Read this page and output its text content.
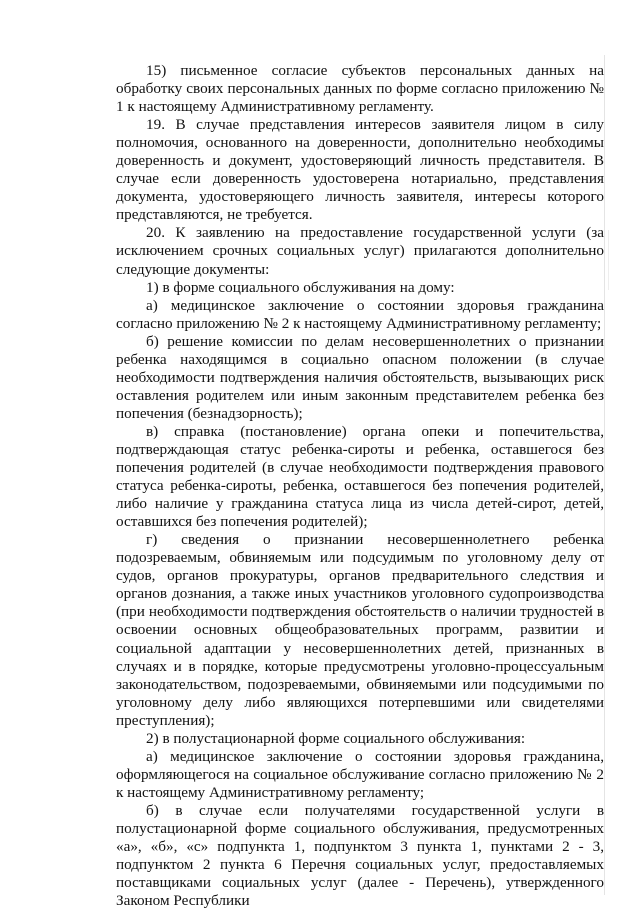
15) письменное согласие субъектов персональных данных на обработку своих персональных данных по форме согласно приложению № 1 к настоящему Административному регламенту.

19. В случае представления интересов заявителя лицом в силу полномочия, основанного на доверенности, дополнительно необходимы доверенность и документ, удостоверяющий личность представителя. В случае если доверенность удостоверена нотариально, представления документа, удостоверяющего личность заявителя, интересы которого представляются, не требуется.

20. К заявлению на предоставление государственной услуги (за исключением срочных социальных услуг) прилагаются дополнительно следующие документы:

1) в форме социального обслуживания на дому:

а) медицинское заключение о состоянии здоровья гражданина согласно приложению № 2 к настоящему Административному регламенту;

б) решение комиссии по делам несовершеннолетних о признании ребенка находящимся в социально опасном положении (в случае необходимости подтверждения наличия обстоятельств, вызывающих риск оставления родителем или иным законным представителем ребенка без попечения (безнадзорность);

в) справка (постановление) органа опеки и попечительства, подтверждающая статус ребенка-сироты и ребенка, оставшегося без попечения родителей (в случае необходимости подтверждения правового статуса ребенка-сироты, ребенка, оставшегося без попечения родителей, либо наличие у гражданина статуса лица из числа детей-сирот, детей, оставшихся без попечения родителей);

г) сведения о признании несовершеннолетнего ребенка подозреваемым, обвиняемым или подсудимым по уголовному делу от судов, органов прокуратуры, органов предварительного следствия и органов дознания, а также иных участников уголовного судопроизводства (при необходимости подтверждения обстоятельств о наличии трудностей в освоении основных общеобразовательных программ, развитии и социальной адаптации у несовершеннолетних детей, признанных в случаях и в порядке, которые предусмотрены уголовно-процессуальным законодательством, подозреваемыми, обвиняемыми или подсудимыми по уголовному делу либо являющихся потерпевшими или свидетелями преступления);

2) в полустационарной форме социального обслуживания:

а) медицинское заключение о состоянии здоровья гражданина, оформляющегося на социальное обслуживание согласно приложению № 2 к настоящему Административному регламенту;

б) в случае если получателями государственной услуги в полустационарной форме социального обслуживания, предусмотренных «а», «б», «с» подпункта 1, подпунктом 3 пункта 1, пунктами 2 - 3, подпунктом 2 пункта 6 Перечня социальных услуг, предоставляемых поставщиками социальных услуг (далее - Перечень), утвержденного Законом Республики
